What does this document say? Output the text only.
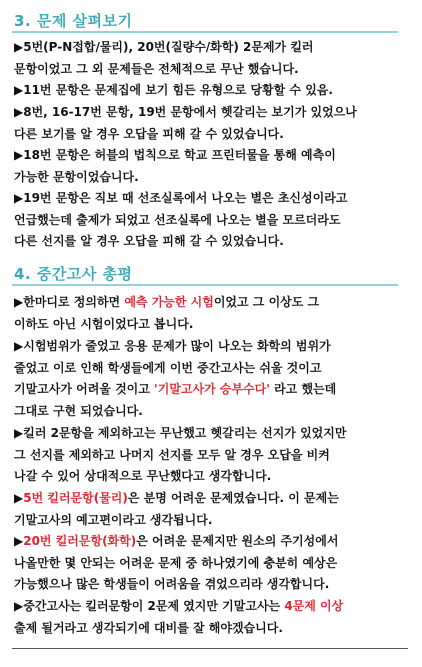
3. 문제 살펴보기
▶5번(P-N접합/물리), 20번(질량수/화학) 2문제가 킬러
문항이었고 그 외 문제들은 전체적으로 무난 했습니다.
▶11번 문항은 문제집에 보기 힘든 유형으로 당황할 수 있음.
▶8번, 16-17번 문항, 19번 문항에서 헷갈리는 보기가 있었으나
다른 보기를 알 경우 오답을 피해 갈 수 있었습니다.
▶18번 문항은 허블의 법칙으로 학교 프린터물을 통해 예측이
가능한 문항이었습니다.
▶19번 문항은 직보 때 선조실록에서 나오는 별은 초신성이라고
언급했는데 출제가 되었고 선조실록에 나오는 별을 모르더라도
다른 선지를 알 경우 오답을 피해 갈 수 있었습니다.
4. 중간고사 총평
▶한마디로 정의하면 예측 가능한 시험이었고 그 이상도 그
이하도 아닌 시험이었다고 봅니다.
▶시험범위가 줄었고 응용 문제가 많이 나오는 화학의 범위가
줄었고 이로 인해 학생들에게 이번 중간고사는 쉬울 것이고
기말고사가 어려울 것이고 '기말고사가 승부수다' 라고 했는데
그대로 구현 되었습니다.
▶킬러 2문항을 제외하고는 무난했고 헷갈리는 선지가 있었지만
그 선지를 제외하고 나머지 선지를 모두 알 경우 오답을 비켜
나갈 수 있어 상대적으로 무난했다고 생각합니다.
▶5번 킬러문항(물리)은 분명 어려운 문제였습니다. 이 문제는
기말고사의 예고편이라고 생각됩니다.
▶20번 킬러문항(화학)은 어려운 문제지만 원소의 주기성에서
나올만한 몇 안되는 어려운 문제 중 하나였기에 충분히 예상은
가능했으나 많은 학생들이 어려움을 겪었으리라 생각합니다.
▶중간고사는 킬러문항이 2문제 였지만 기말고사는 4문제 이상
출제 될거라고 생각되기에 대비를 잘 해야겠습니다.
